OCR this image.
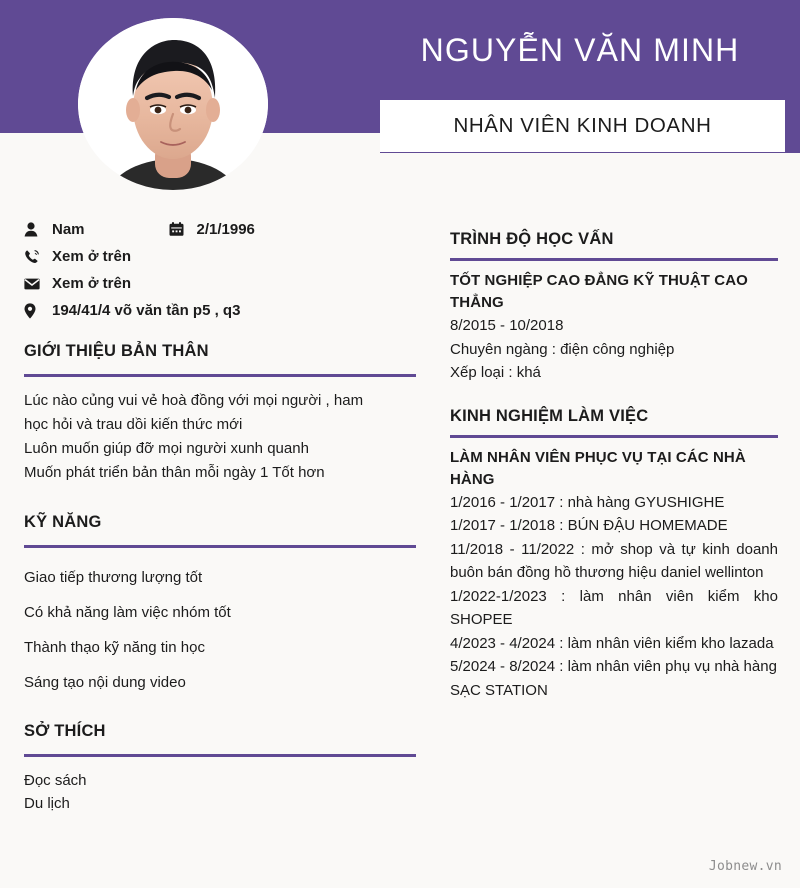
NHÂN VIÊN KINH DOANH
NGUYỄN VĂN MINH
Nam	2/1/1996
Xem ở trên
Xem ở trên
194/41/4 võ văn tần p5 , q3
GIỚI THIỆU BẢN THÂN
Lúc nào củng vui vẻ hoà đồng với mọi người , ham
học hỏi và trau dồi kiến thức mới
Luôn muốn giúp đỡ mọi người xunh quanh
Muốn phát triển bản thân mỗi ngày 1 Tốt hơn
KỸ NĂNG
Giao tiếp thương lượng tốt
Có khả năng làm việc nhóm tốt
Thành thạo kỹ năng tin học
Sáng tạo nội dung video
SỞ THÍCH
Đọc sách
Du lịch
TRÌNH ĐỘ HỌC VẤN
TỐT NGHIỆP CAO ĐẲNG KỸ THUẬT CAO THẲNG
8/2015 - 10/2018
Chuyên ngàng : điện công nghiệp
Xếp loại : khá
KINH NGHIỆM LÀM VIỆC
LÀM NHÂN VIÊN PHỤC VỤ TẠI CÁC NHÀ HÀNG
1/2016 - 1/2017 : nhà hàng GYUSHIGHE
1/2017 - 1/2018 : BÚN ĐẬU HOMEMADE
11/2018 - 11/2022 : mở shop và tự kinh doanh buôn bán đồng hồ thương hiệu daniel wellinton
1/2022-1/2023 : làm nhân viên kiểm kho SHOPEE
4/2023 - 4/2024 : làm nhân viên kiểm kho lazada
5/2024 - 8/2024 : làm nhân viên phụ vụ nhà hàng SẠC STATION
Jobnew.vn
